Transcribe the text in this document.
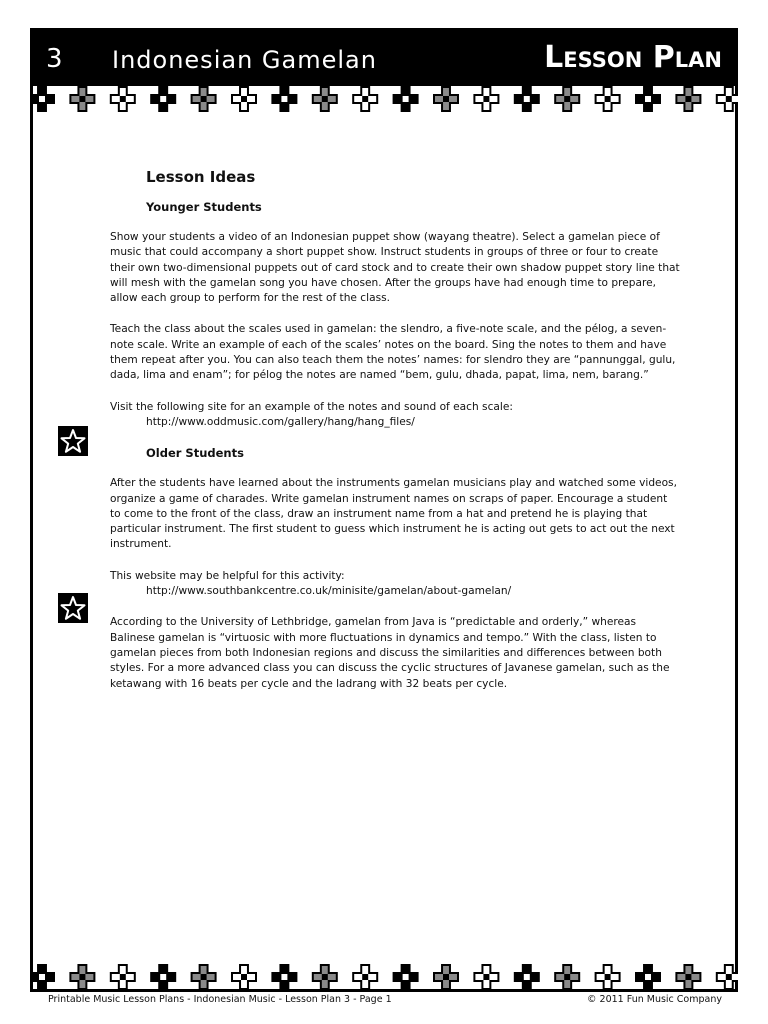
3 Indonesian Gamelan	Lesson Plan
Lesson Ideas
Younger Students

Show your students a video of an Indonesian puppet show (wayang theatre). Select a gamelan piece of music that could accompany a short puppet show. Instruct students in groups of three or four to create their own two-dimensional puppets out of card stock and to create their own shadow puppet story line that will mesh with the gamelan song you have chosen. After the groups have had enough time to prepare, allow each group to perform for the rest of the class.

Teach the class about the scales used in gamelan: the slendro, a five-note scale, and the pélog, a seven-note scale. Write an example of each of the scales’ notes on the board. Sing the notes to them and have them repeat after you. You can also teach them the notes’ names: for slendro they are “pannunggal, gulu, dada, lima and enam”; for pélog the notes are named “bem, gulu, dhada, papat, lima, nem, barang.”

Visit the following site for an example of the notes and sound of each scale:
http://www.oddmusic.com/gallery/hang/hang_files/

Older Students

After the students have learned about the instruments gamelan musicians play and watched some videos, organize a game of charades. Write gamelan instrument names on scraps of paper. Encourage a student to come to the front of the class, draw an instrument name from a hat and pretend he is playing that particular instrument. The first student to guess which instrument he is acting out gets to act out the next instrument.

This website may be helpful for this activity:
http://www.southbankcentre.co.uk/minisite/gamelan/about-gamelan/

According to the University of Lethbridge, gamelan from Java is “predictable and orderly,” whereas Balinese gamelan is “virtuosic with more fluctuations in dynamics and tempo.” With the class, listen to gamelan pieces from both Indonesian regions and discuss the similarities and differences between both styles. For a more advanced class you can discuss the cyclic structures of Javanese gamelan, such as the ketawang with 16 beats per cycle and the ladrang with 32 beats per cycle.

Printable Music Lesson Plans - Indonesian Music - Lesson Plan 3 - Page 1	© 2011 Fun Music Company
